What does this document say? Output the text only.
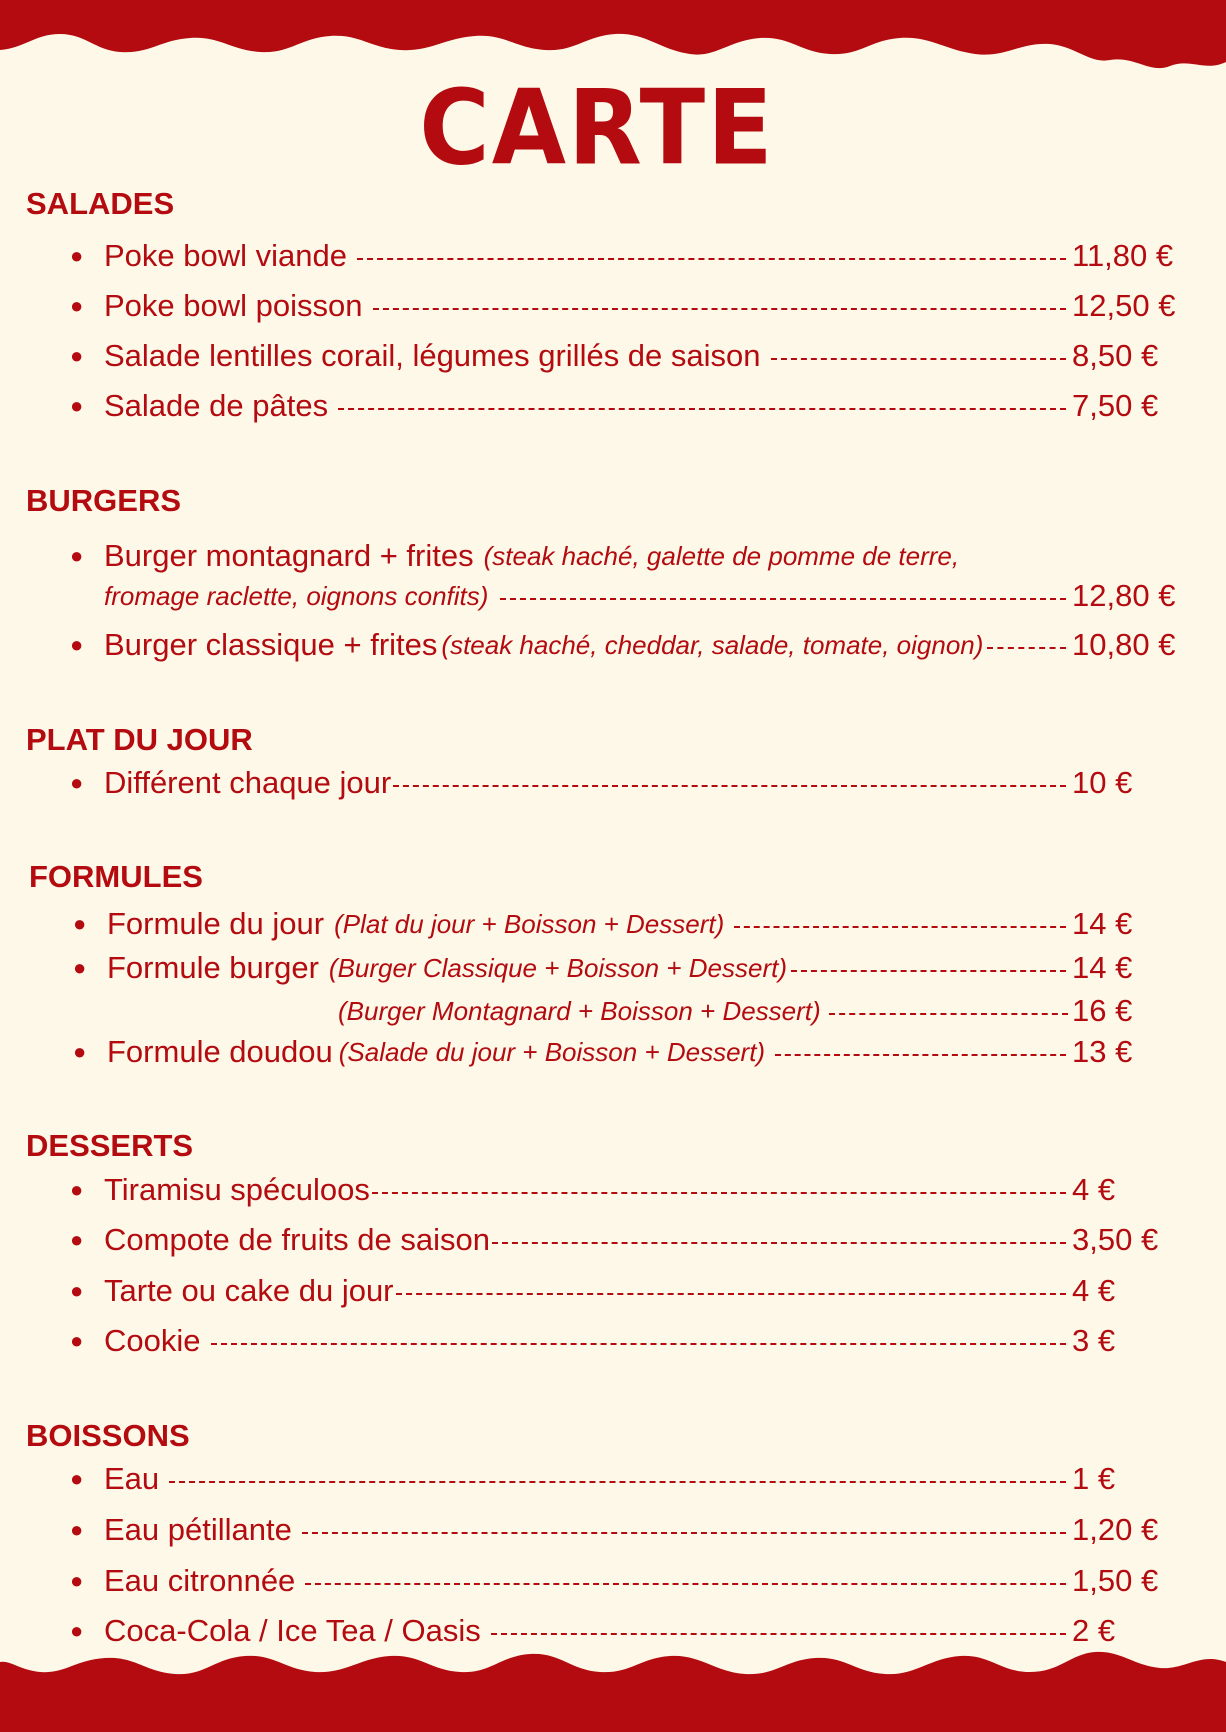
CARTE
SALADES
● Poke bowl viande	11,80 €
● Poke bowl poisson	12,50 €
● Salade lentilles corail, légumes grillés de saison	8,50 €
● Salade de pâtes	7,50 €
BURGERS
● Burger montagnard + frites (steak haché, galette de pomme de terre,
fromage raclette, oignons confits)	12,80 €
● Burger classique + frites (steak haché, cheddar, salade, tomate, oignon)	10,80 €
PLAT DU JOUR
● Différent chaque jour	10 €
FORMULES
● Formule du jour (Plat du jour + Boisson + Dessert)	14 €
● Formule burger (Burger Classique + Boisson + Dessert)	14 €
(Burger Montagnard + Boisson + Dessert)	16 €
● Formule doudou (Salade du jour + Boisson + Dessert)	13 €
DESSERTS
● Tiramisu spéculoos	4 €
● Compote de fruits de saison	3,50 €
● Tarte ou cake du jour	4 €
● Cookie	3 €
BOISSONS
● Eau	1 €
● Eau pétillante	1,20 €
● Eau citronnée	1,50 €
● Coca-Cola / Ice Tea / Oasis	2 €
